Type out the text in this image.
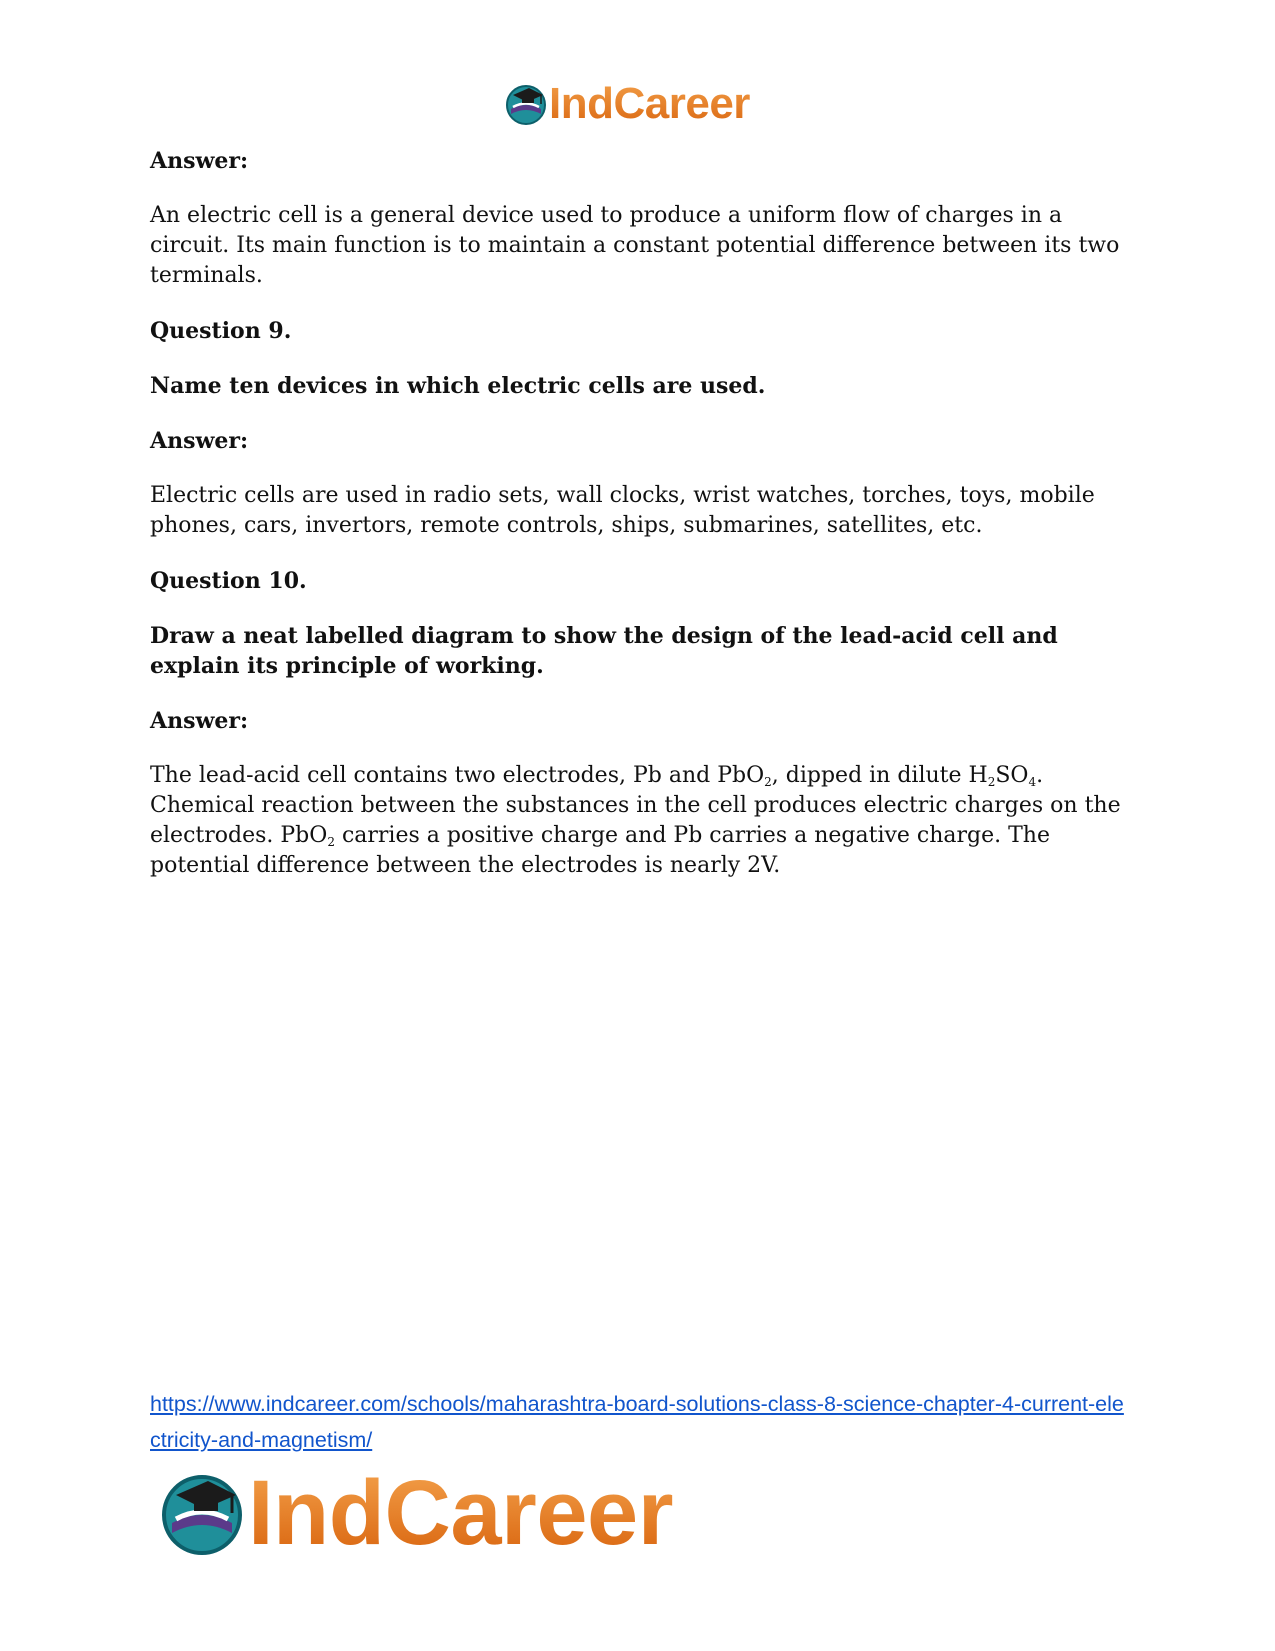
IndCareer

Answer:

An electric cell is a general device used to produce a uniform flow of charges in a circuit. Its main function is to maintain a constant potential difference between its two terminals.

Question 9.

Name ten devices in which electric cells are used.

Answer:

Electric cells are used in radio sets, wall clocks, wrist watches, torches, toys, mobile phones, cars, invertors, remote controls, ships, submarines, satellites, etc.

Question 10.

Draw a neat labelled diagram to show the design of the lead-acid cell and explain its principle of working.

Answer:

The lead-acid cell contains two electrodes, Pb and PbO$_2$, dipped in dilute $H_2SO_4$. Chemical reaction between the substances in the cell produces electric charges on the electrodes. PbO$_2$ carries a positive charge and Pb carries a negative charge. The potential difference between the electrodes is nearly 2V.

https://www.indcareer.com/schools/maharashtra-board-solutions-class-8-science-chapter-4-current-electricity-and-magnetism/
IndCareer
